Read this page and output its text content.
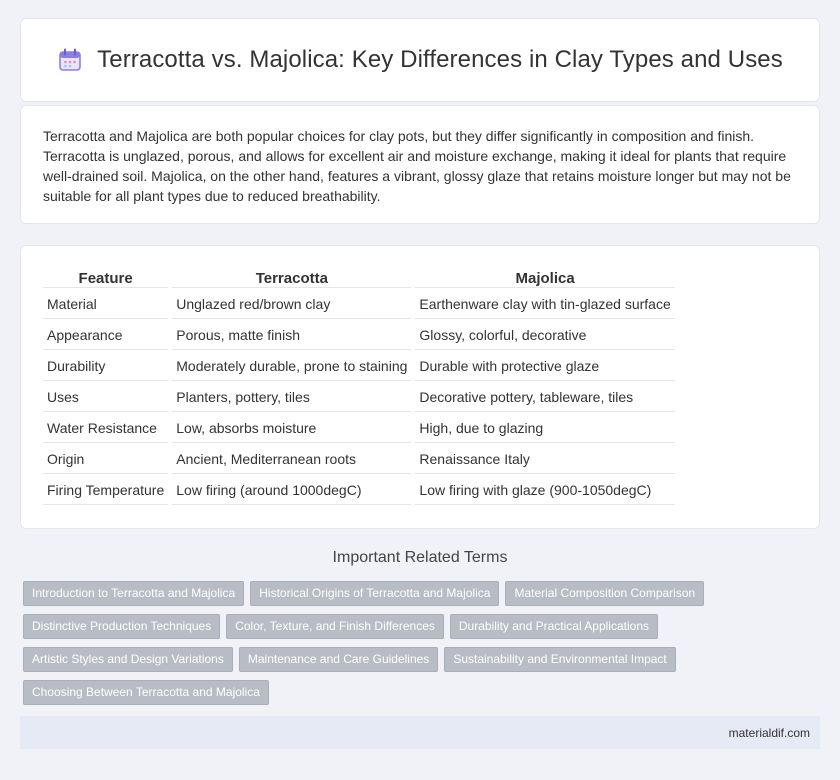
Terracotta vs. Majolica: Key Differences in Clay Types and Uses

Terracotta and Majolica are both popular choices for clay pots, but they differ significantly in composition and finish. Terracotta is unglazed, porous, and allows for excellent air and moisture exchange, making it ideal for plants that require well-drained soil. Majolica, on the other hand, features a vibrant, glossy glaze that retains moisture longer but may not be suitable for all plant types due to reduced breathability.

Feature	Terracotta	Majolica
Material	Unglazed red/brown clay	Earthenware clay with tin-glazed surface
Appearance	Porous, matte finish	Glossy, colorful, decorative
Durability	Moderately durable, prone to staining	Durable with protective glaze
Uses	Planters, pottery, tiles	Decorative pottery, tableware, tiles
Water Resistance	Low, absorbs moisture	High, due to glazing
Origin	Ancient, Mediterranean roots	Renaissance Italy
Firing Temperature	Low firing (around 1000degC)	Low firing with glaze (900-1050degC)
Important Related Terms
Introduction to Terracotta and Majolica	Historical Origins of Terracotta and Majolica	Material Composition Comparison
Distinctive Production Techniques	Color, Texture, and Finish Differences	Durability and Practical Applications
Artistic Styles and Design Variations	Maintenance and Care Guidelines	Sustainability and Environmental Impact
Choosing Between Terracotta and Majolica
materialdif.com
